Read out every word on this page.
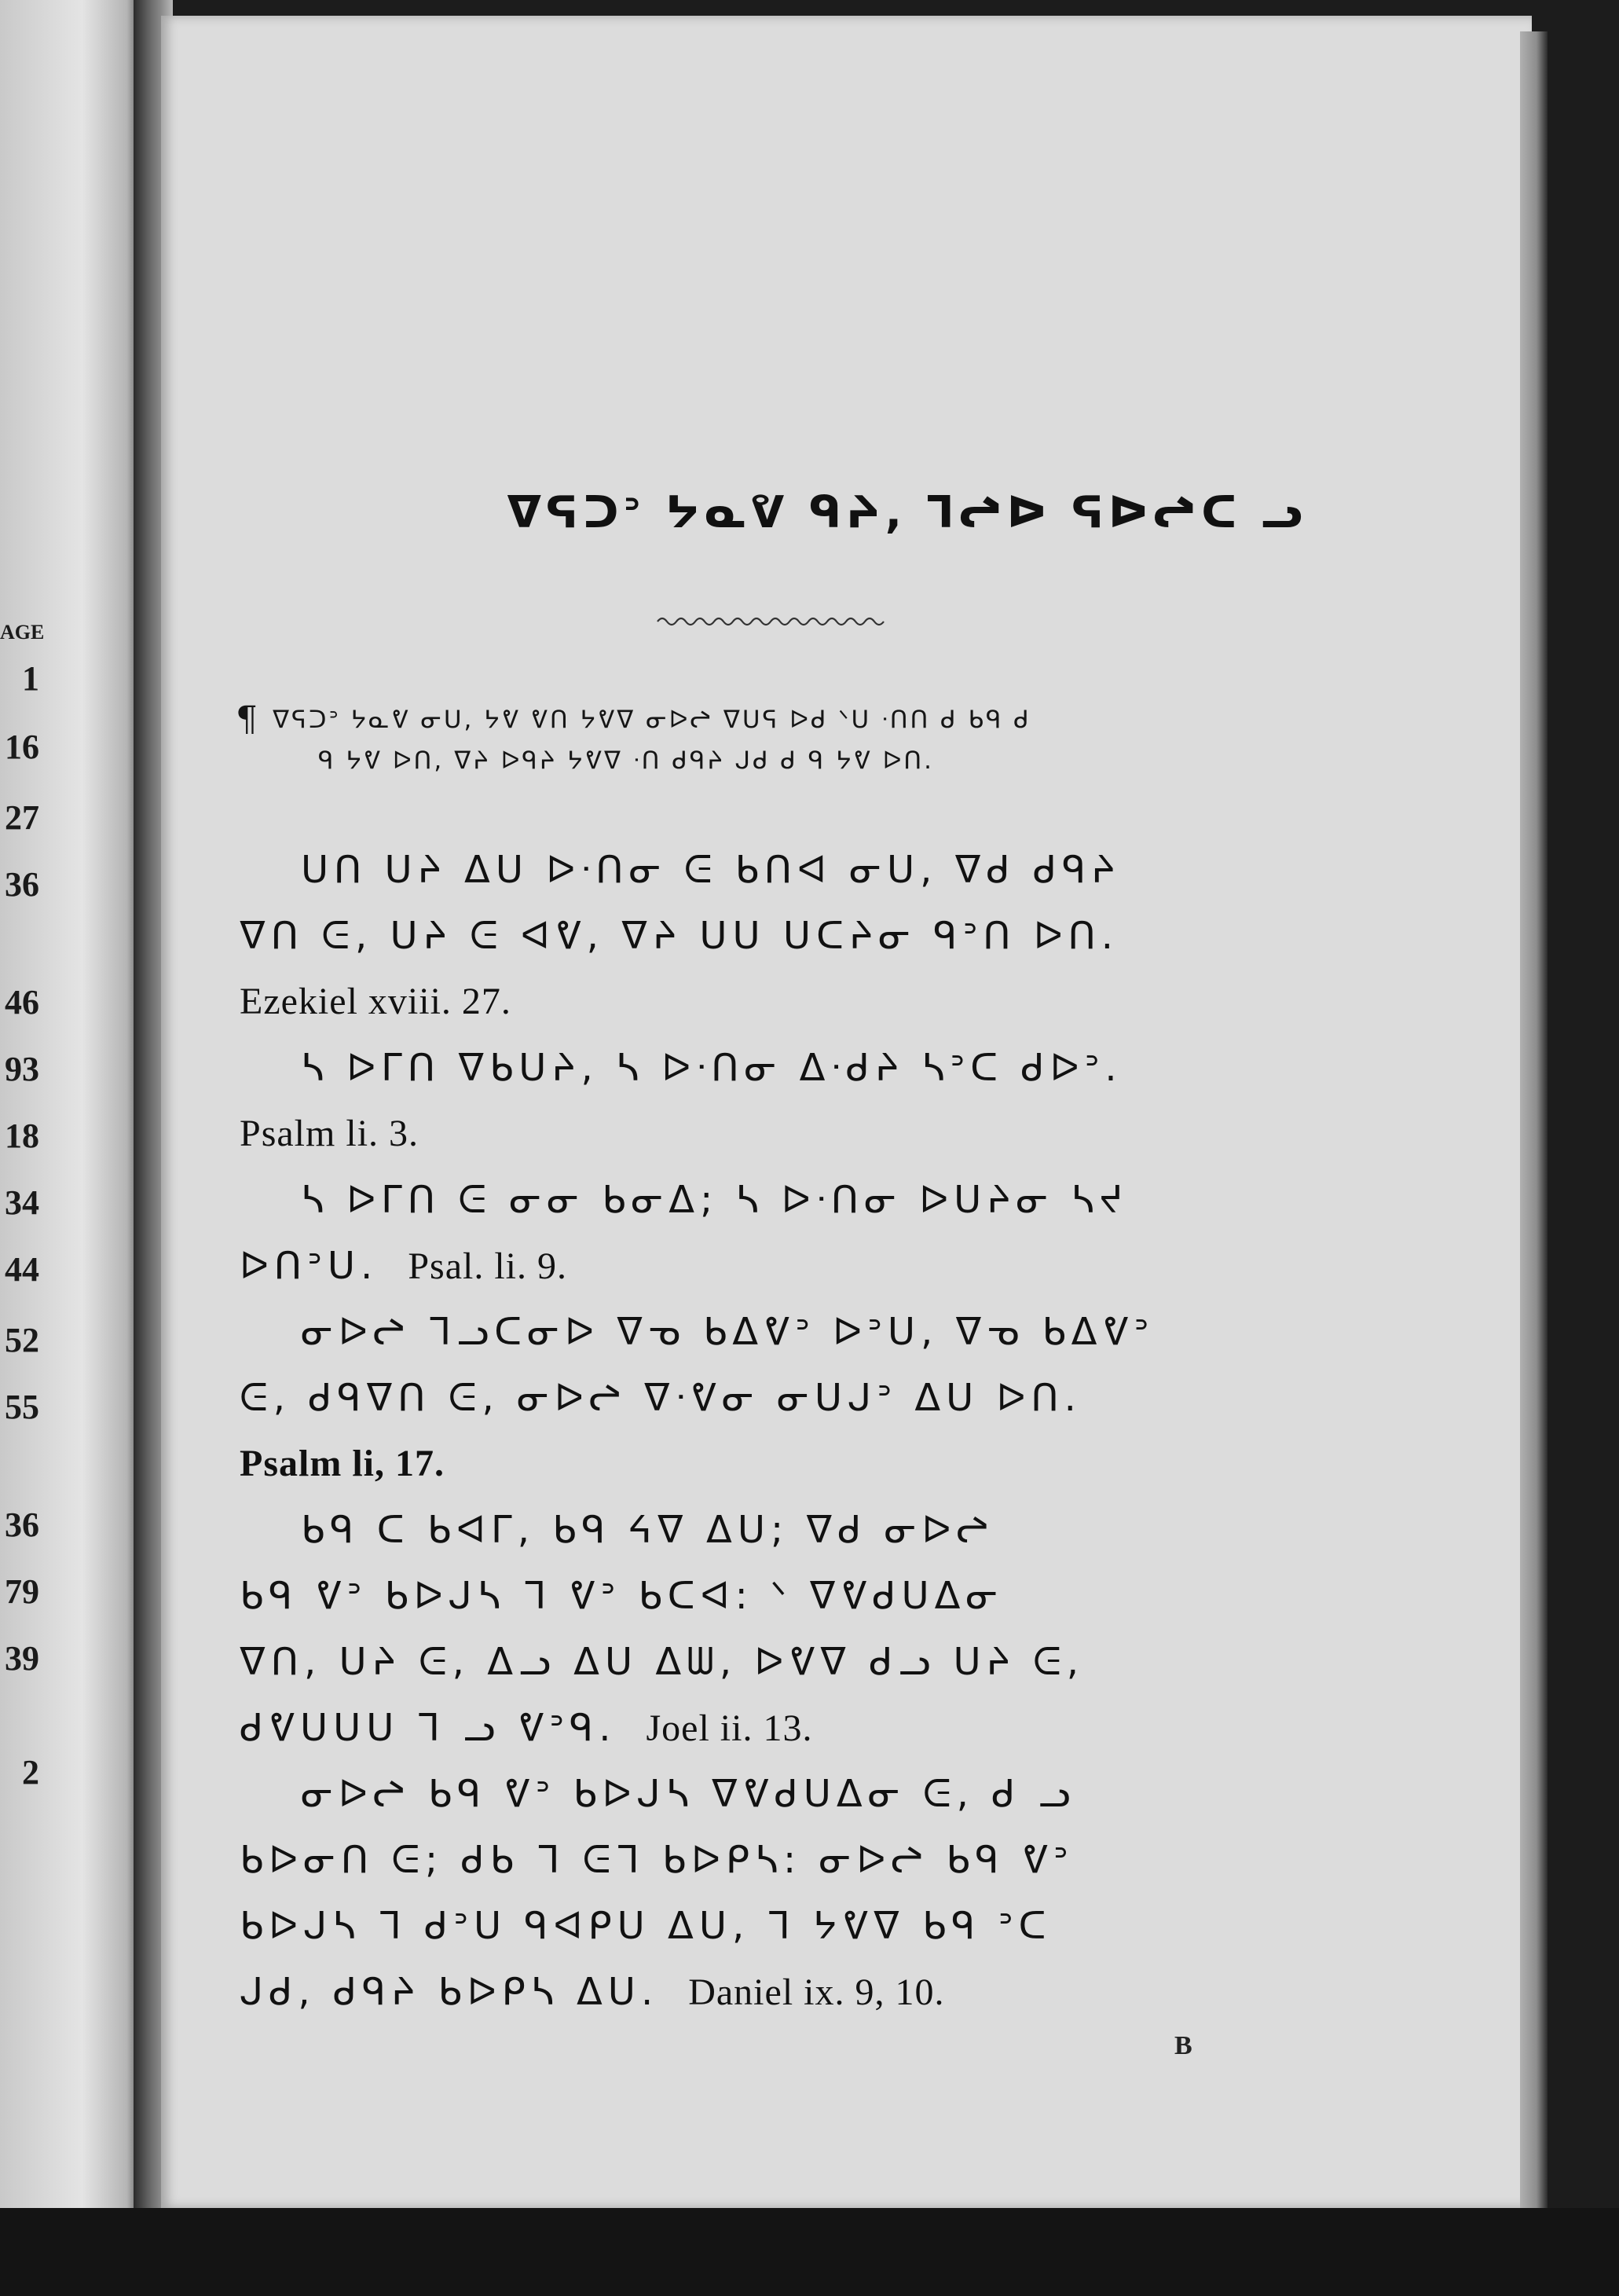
AGE
1
16
27
36
46
93
18
34
44
52
55
36
79
39
2
ᐁᕋᑐᐣ ᔭᓇᕓ ᑫᔨ, ᒣᖠᐅ ᕋᐅᖠᑕ ᓗ
¶ ᐁᕋᑐᐣ ᔭᓇᕓ ᓂᑌ, ᔭᕓ ᕓᑎ ᔭᕓᐁ ᓂᐅᖠ ᐁᑌᕋ ᐅᑯ ᐠᑌ ᐧᑎᑎ ᑯ ᑲᑫ ᑯ
ᑫ ᔭᕓ ᐅᑎ, ᐁᔨ ᐅᑫᔨ ᔭᕓᐁ ᐧᑎ ᑯᑫᔨ ᒍᑯ ᑯ ᑫ ᔭᕓ ᐅᑎ.
ᑌᑎ ᑌᔨ ᐃᑌ ᐅᐧᑎᓂ ᕮ ᑲᑎᐊ ᓂᑌ, ᐁᑯ ᑯᑫᔨ
ᐁᑎ ᕮ, ᑌᔨ ᕮ ᐊᕓ, ᐁᔨ ᑌᑌ ᑌᑕᔨᓂ ᑫᐣᑎ ᐅᑎ.
Ezekiel xviii. 27.
ᓴ ᐅᒥᑎ ᐁᑲᑌᔨ, ᓴ ᐅᐧᑎᓂ ᐃᐧᑯᔨ ᓴᐣᑕ ᑯᐅᐣ.
Psalm li. 3.
ᓴ ᐅᒥᑎ ᕮ ᓂᓂ ᑲᓂᐃ; ᓴ ᐅᐧᑎᓂ ᐅᑌᔨᓂ ᓴᔪ
ᐅᑎᐣᑌ. Psal. li. 9.
ᓂᐅᖠ ᒣᓗᑕᓂᐅ ᐁᓀ ᑲᐃᕓᐣ ᐅᐣᑌ, ᐁᓀ ᑲᐃᕓᐣ
ᕮ, ᑯᑫᐁᑎ ᕮ, ᓂᐅᖠ ᐁᐧᕓᓂ ᓂᑌᒍᐣ ᐃᑌ ᐅᑎ.
Psalm li, 17.
ᑲᑫ ᑕ ᑲᐊᒥ, ᑲᑫ ᔦᐁ ᐃᑌ; ᐁᑯ ᓂᐅᖠ
ᑲᑫ ᕓᐣ ᑲᐅᒍᓴ ᒣ ᕓᐣ ᑲᑕᐊ: ᐠ ᐁᕓᑯᑌᐃᓂ
ᐁᑎ, ᑌᔨ ᕮ, ᐃᓗ ᐃᑌ ᐃᗯ, ᐅᕓᐁ ᑯᓗ ᑌᔨ ᕮ,
ᑯᕓᑌᑌᑌ ᒣ ᓗ ᕓᐣᑫ. Joel ii. 13.
ᓂᐅᖠ ᑲᑫ ᕓᐣ ᑲᐅᒍᓴ ᐁᕓᑯᑌᐃᓂ ᕮ, ᑯ ᓗ
ᑲᐅᓂᑎ ᕮ; ᑯᑲ ᒣ ᕮᒣ ᑲᐅᑭᓴ: ᓂᐅᖠ ᑲᑫ ᕓᐣ
ᑲᐅᒍᓴ ᒣ ᑯᐣᑌ ᑫᐊᑭᑌ ᐃᑌ, ᒣ ᔭᕓᐁ ᑲᑫ ᐣᑕ
ᒍᑯ, ᑯᑫᔨ ᑲᐅᑭᓴ ᐃᑌ. Daniel ix. 9, 10.
B
